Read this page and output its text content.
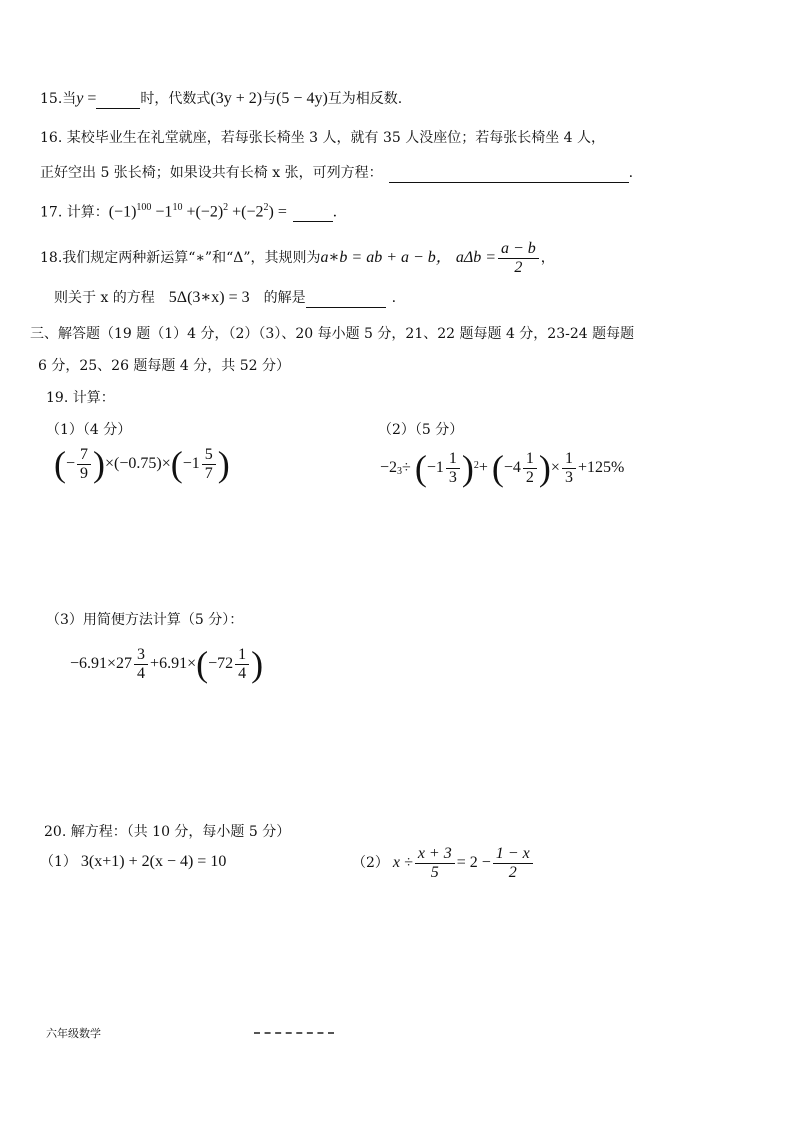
15.当y =	时，代数式(3y + 2)与(5 − 4y)互为相反数.
16. 某校毕业生在礼堂就座，若每张长椅坐 3 人，就有 35 人没座位；若每张长椅坐 4 人，
正好空出 5 张长椅；如果设共有长椅 x 张，可列方程：	.
17. 计算：$(-1)^{100} -1^{10} +(-2)^2 +(-2^2)$ =	.
18.我们规定两种新运算“∗”和“Δ”，其规则为a∗b = ab + a − b， $a\Delta b = \frac{a - b}{2}$ ，
则关于 x 的方程 5Δ(3∗x) = 3 的解是	.
三、解答题（19 题（1）4 分，（2）（3）、20 每小题 5 分，21、22 题每题 4 分，23-24 题每题
6 分，25、26 题每题 4 分，共 52 分）
19. 计算：
（1）（4 分）
( − $\frac{7}{9}$ ) ×(−0.75)× ( $-1 \frac{5}{7}$ )
（2）（5 分）
$-2_3$ ÷ ( $-1 \frac{1}{3}$ ) 2 + ( $-4 \frac{1}{2}$ ) × $\frac{1}{3} +125\%$
（3）用简便方法计算（5 分）：
$-6.91\times 27 \frac{3}{4} +6.91\times$ ( $-72 \frac{1}{4}$ )
20. 解方程：（共 10 分，每小题 5 分）
（1） 3(x+1) + 2(x − 4) = 10	（2） $x \div \frac{x + 3}{5} = 2 - \frac{1 - x}{2}$
六年级数学
